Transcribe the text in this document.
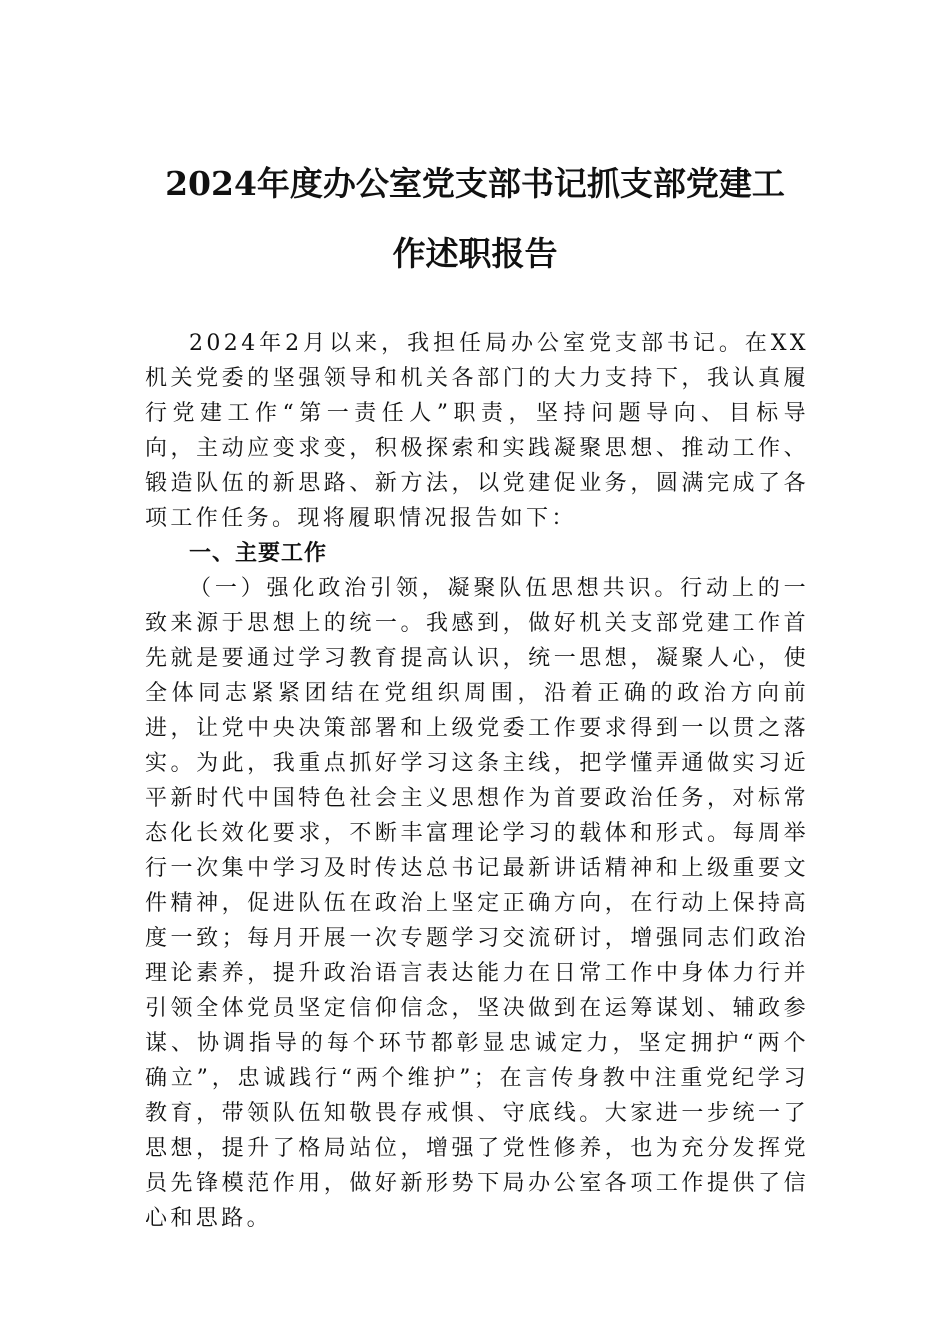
2024年度办公室党支部书记抓支部党建工
作述职报告

2024年2月以来，我担任局办公室党支部书记。在XX机关党委的坚强领导和机关各部门的大力支持下，我认真履行党建工作“第一责任人”职责，坚持问题导向、目标导向，主动应变求变，积极探索和实践凝聚思想、推动工作、锻造队伍的新思路、新方法，以党建促业务，圆满完成了各项工作任务。现将履职情况报告如下：

一、主要工作

（一）强化政治引领，凝聚队伍思想共识。行动上的一致来源于思想上的统一。我感到，做好机关支部党建工作首先就是要通过学习教育提高认识，统一思想，凝聚人心，使全体同志紧紧团结在党组织周围，沿着正确的政治方向前进，让党中央决策部署和上级党委工作要求得到一以贯之落实。为此，我重点抓好学习这条主线，把学懂弄通做实习近平新时代中国特色社会主义思想作为首要政治任务，对标常态化长效化要求，不断丰富理论学习的载体和形式。每周举行一次集中学习及时传达总书记最新讲话精神和上级重要文件精神，促进队伍在政治上坚定正确方向，在行动上保持高度一致；每月开展一次专题学习交流研讨，增强同志们政治理论素养，提升政治语言表达能力在日常工作中身体力行并引领全体党员坚定信仰信念，坚决做到在运筹谋划、辅政参谋、协调指导的每个环节都彰显忠诚定力，坚定拥护“两个确立”，忠诚践行“两个维护”；在言传身教中注重党纪学习教育，带领队伍知敬畏存戒惧、守底线。大家进一步统一了思想，提升了格局站位，增强了党性修养，也为充分发挥党员先锋模范作用，做好新形势下局办公室各项工作提供了信心和思路。
